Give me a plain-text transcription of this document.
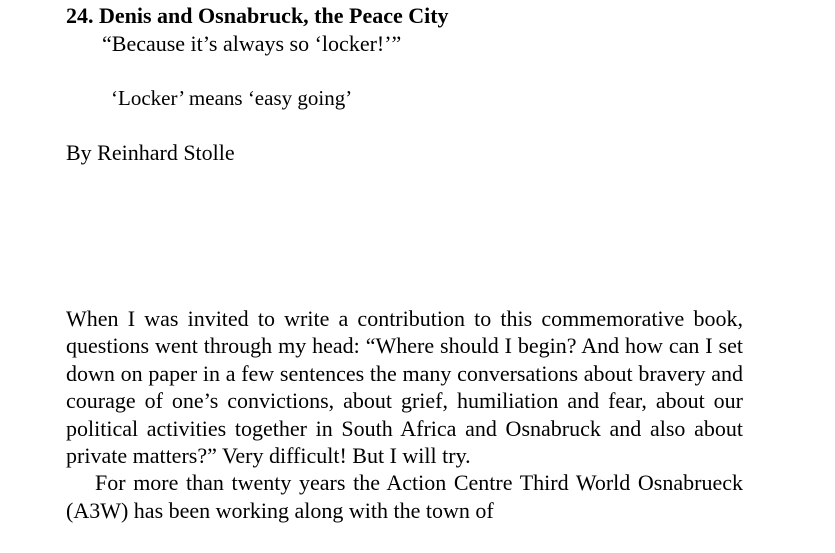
24. Denis and Osnabruck, the Peace City

“Because it’s always so ‘locker!’”

‘Locker’ means ‘easy going’

By Reinhard Stolle

When I was invited to write a contribution to this commemorative book, questions went through my head: “Where should I begin? And how can I set down on paper in a few sentences the many conversations about bravery and courage of one’s convictions, about grief, humiliation and fear, about our political activities together in South Africa and Osnabruck and also about private matters?” Very difficult! But I will try.

For more than twenty years the Action Centre Third World Osnabrueck (A3W) has been working along with the town of
